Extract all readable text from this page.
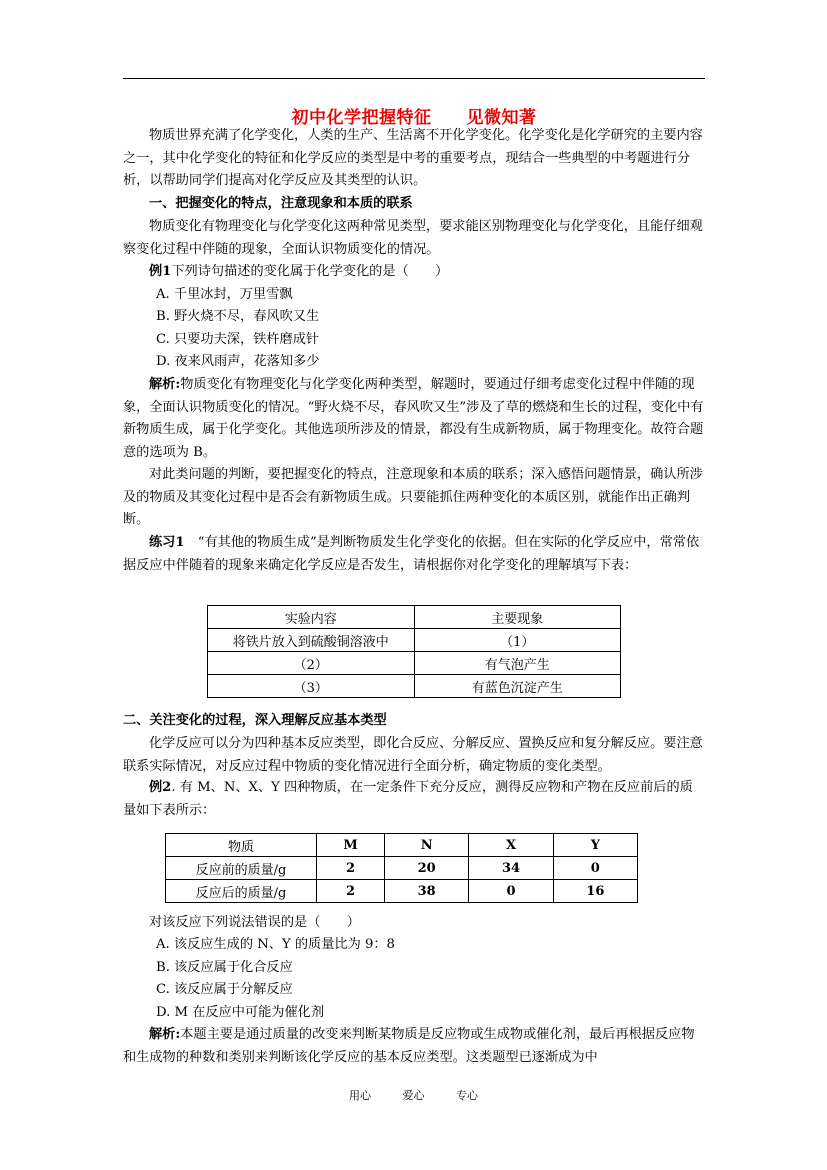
初中化学把握特征　　见微知著
物质世界充满了化学变化，人类的生产、生活离不开化学变化。化学变化是化学研究的主要内容之一，其中化学变化的特征和化学反应的类型是中考的重要考点，现结合一些典型的中考题进行分析，以帮助同学们提高对化学反应及其类型的认识。
一、把握变化的特点，注意现象和本质的联系
物质变化有物理变化与化学变化这两种常见类型，要求能区别物理变化与化学变化，且能仔细观察变化过程中伴随的现象，全面认识物质变化的情况。
例1下列诗句描述的变化属于化学变化的是（　　）
A. 千里冰封，万里雪飘
B. 野火烧不尽，春风吹又生
C. 只要功夫深，铁杵磨成针
D. 夜来风雨声，花落知多少
解析:物质变化有物理变化与化学变化两种类型，解题时，要通过仔细考虑变化过程中伴随的现象，全面认识物质变化的情况。“野火烧不尽，春风吹又生”涉及了草的燃烧和生长的过程，变化中有新物质生成，属于化学变化。其他选项所涉及的情景，都没有生成新物质，属于物理变化。故符合题意的选项为 B。
对此类问题的判断，要把握变化的特点，注意现象和本质的联系；深入感悟问题情景，确认所涉及的物质及其变化过程中是否会有新物质生成。只要能抓住两种变化的本质区别，就能作出正确判断。
练习1　“有其他的物质生成”是判断物质发生化学变化的依据。但在实际的化学反应中，常常依据反应中伴随着的现象来确定化学反应是否发生，请根据你对化学变化的理解填写下表：
实验内容	主要现象
将铁片放入到硫酸铜溶液中	（1）
（2）	有气泡产生
（3）	有蓝色沉淀产生
二、关注变化的过程，深入理解反应基本类型
化学反应可以分为四种基本反应类型，即化合反应、分解反应、置换反应和复分解反应。要注意联系实际情况，对反应过程中物质的变化情况进行全面分析，确定物质的变化类型。
例2. 有 M、N、X、Y 四种物质，在一定条件下充分反应，测得反应物和产物在反应前后的质量如下表所示：
物质	M	N	X	Y
反应前的质量/g	2	20	34	0
反应后的质量/g	2	38	0	16
对该反应下列说法错误的是（　　）
A. 该反应生成的 N、Y 的质量比为 9：8
B. 该反应属于化合反应
C. 该反应属于分解反应
D. M 在反应中可能为催化剂
解析:本题主要是通过质量的改变来判断某物质是反应物或生成物或催化剂，最后再根据反应物和生成物的种数和类别来判断该化学反应的基本反应类型。这类题型已逐渐成为中
用心	爱心	专心
